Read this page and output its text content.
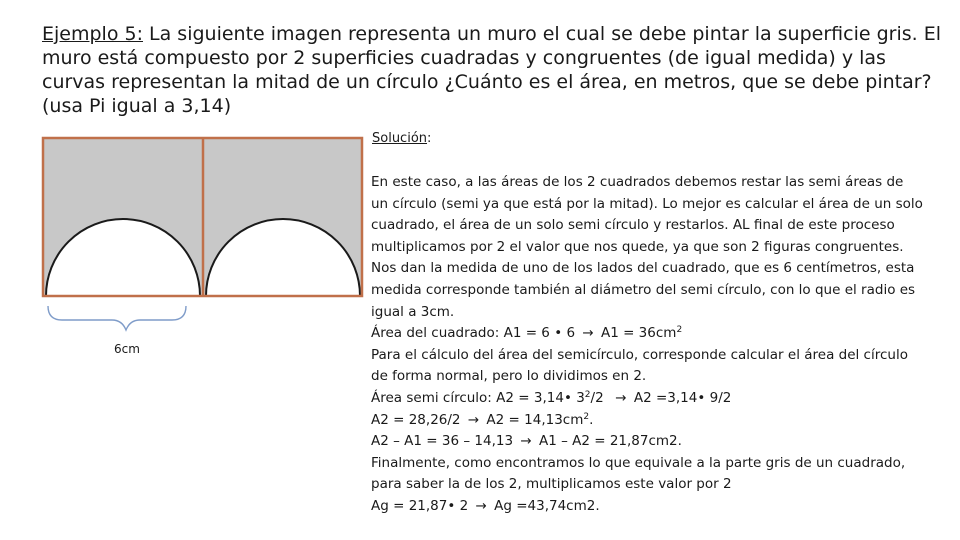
Ejemplo 5: La siguiente imagen representa un muro el cual se debe pintar la superficie gris. El muro está compuesto por 2 superficies cuadradas y congruentes (de igual medida) y las curvas representan la mitad de un círculo ¿Cuánto es el área, en metros, que se debe pintar? (usa Pi igual a 3,14)

6cm

Solución:

En este caso, a las áreas de los 2 cuadrados debemos restar las semi áreas de
un círculo (semi ya que está por la mitad). Lo mejor es calcular el área de un solo
cuadrado, el área de un solo semi círculo y restarlos. AL final de este proceso
multiplicamos por 2 el valor que nos quede, ya que son 2 figuras congruentes.
Nos dan la medida de uno de los lados del cuadrado, que es 6 centímetros, esta
medida corresponde también al diámetro del semi círculo, con lo que el radio es
igual a 3cm.
Área del cuadrado: A1 = 6 • $6 \to A1 = 36cm^2$
Para el cálculo del área del semicírculo, corresponde calcular el área del círculo
de forma normal, pero lo dividimos en 2.
Área semi círculo: A2 = 3,14• $3^2/2 \to A2$ =3,14• 9/2
$A2 = 28,26/2 \to A2 = 14,13cm^2$.
A2 – A1 = 36 – 14,13 → A1 – A2 = 21,87cm2.
Finalmente, como encontramos lo que equivale a la parte gris de un cuadrado,
para saber la de los 2, multiplicamos este valor por 2
Ag = 21,87• 2 → Ag =43,74cm2.
